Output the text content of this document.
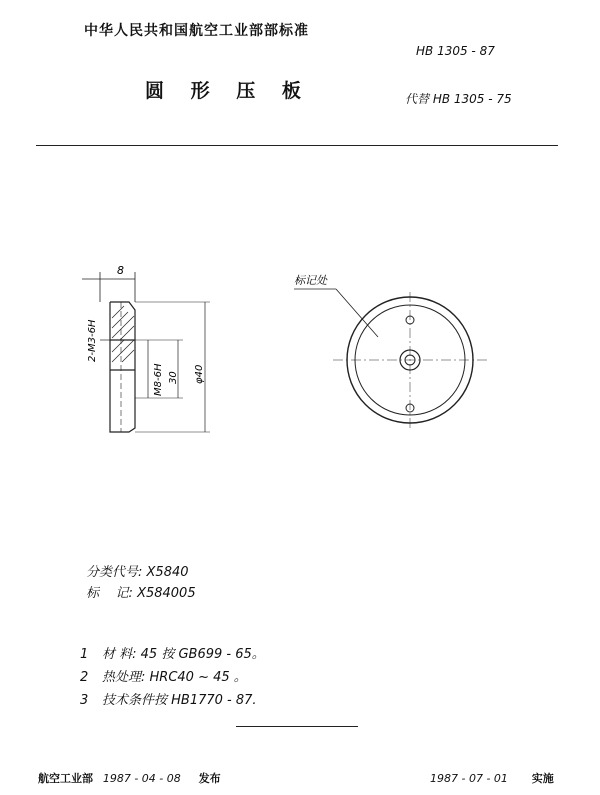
中华人民共和国航空工业部部标准
HB 1305 - 87
圆 形 压 板	代替 HB 1305 - 75
8
2-M3-6H
M8-6H 30 φ40
标记处
分类代号: X5840
标    记: X584005
1 材 料: 45 按 GB699 - 65。
2 热处理: HRC40 ~ 45 。
3 技术条件按 HB1770 - 87.
航空工业部 1987 - 04 - 08 发布	1987 - 07 - 01 实施
